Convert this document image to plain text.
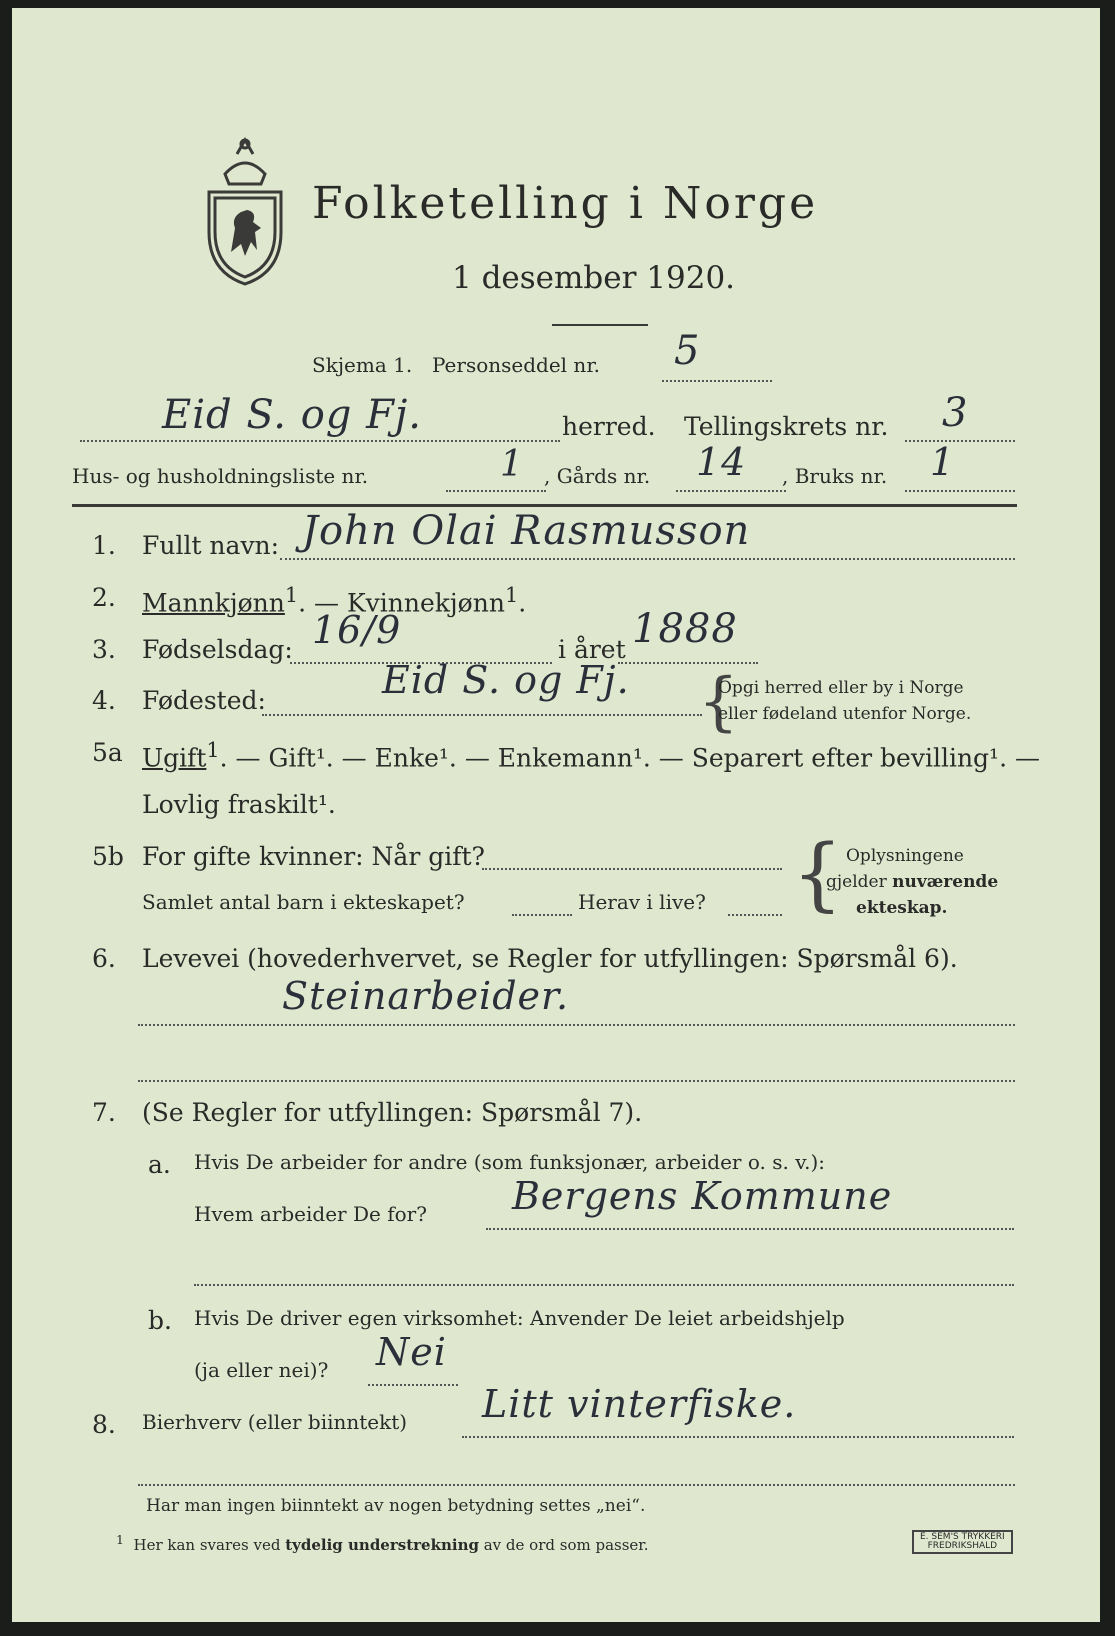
Folketelling i Norge
1 desember 1920.
Skjema 1. Personseddel nr. 5
Eid S. og Fj.	herred. Tellingskrets nr. 3
Hus- og husholdningsliste nr.	1 , Gårds nr. 14 , Bruks nr. 1
1. Fullt navn: John Olai Rasmusson
2. Mannkjønn$^1$. — Kvinnekjønn$^1$.
3. Fødselsdag: 16/9	i året 1888
4. Fødested:	Eid S. og Fj. {
Opgi herred eller by i Norge
eller fødeland utenfor Norge.
5a Ugift$^1$. — Gift¹. — Enke¹. — Enkemann¹. — Separert efter bevilling¹. —
Lovlig fraskilt¹.
5b For gifte kvinner: Når gift?
Samlet antal barn i ekteskapet?	Herav i live? { Oplysningene
gjelder nuværende
ekteskap.
6. Levevei (hovederhvervet, se Regler for utfyllingen: Spørsmål 6).
Steinarbeider.
7. (Se Regler for utfyllingen: Spørsmål 7).
a. Hvis De arbeider for andre (som funksjonær, arbeider o. s. v.):
Hvem arbeider De for? Bergens Kommune
b. Hvis De driver egen virksomhet: Anvender De leiet arbeidshjelp
(ja eller nei)? Nei
8. Bierhverv (eller biinntekt) Litt vinterfiske.
Har man ingen biinntekt av nogen betydning settes „nei“.
$^1$ Her kan svares ved tydelig understrekning av de ord som passer.	E. SEM'S TRYKKERI
FREDRIKSHALD
